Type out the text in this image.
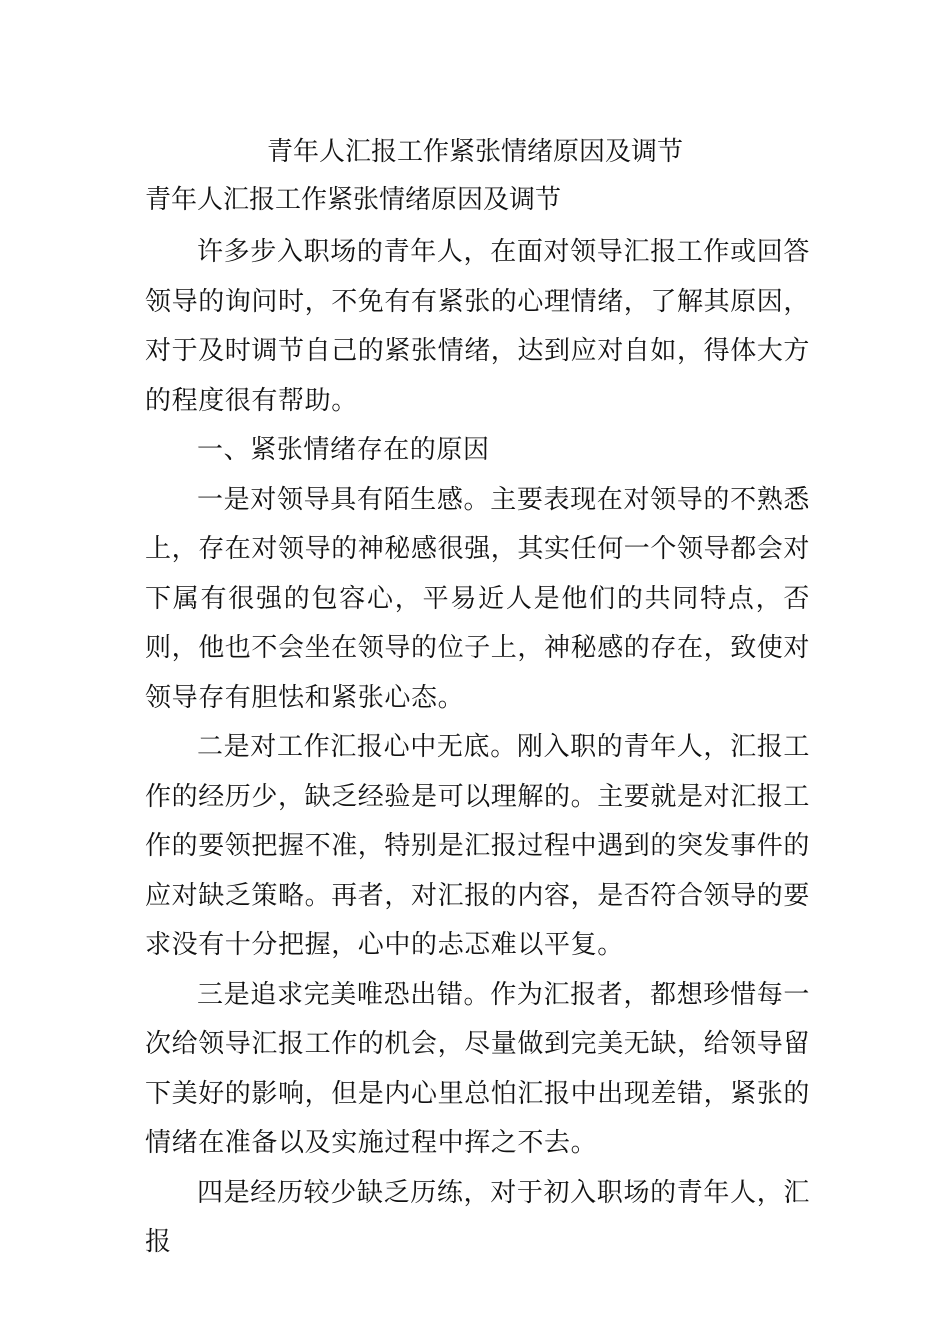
青年人汇报工作紧张情绪原因及调节
青年人汇报工作紧张情绪原因及调节

许多步入职场的青年人，在面对领导汇报工作或回答领导的询问时，不免有有紧张的心理情绪，了解其原因，对于及时调节自己的紧张情绪，达到应对自如，得体大方的程度很有帮助。

一、紧张情绪存在的原因

一是对领导具有陌生感。主要表现在对领导的不熟悉上，存在对领导的神秘感很强，其实任何一个领导都会对下属有很强的包容心，平易近人是他们的共同特点，否则，他也不会坐在领导的位子上，神秘感的存在，致使对领导存有胆怯和紧张心态。

二是对工作汇报心中无底。刚入职的青年人，汇报工作的经历少，缺乏经验是可以理解的。主要就是对汇报工作的要领把握不准，特别是汇报过程中遇到的突发事件的应对缺乏策略。再者，对汇报的内容，是否符合领导的要求没有十分把握，心中的忐忑难以平复。

三是追求完美唯恐出错。作为汇报者，都想珍惜每一次给领导汇报工作的机会，尽量做到完美无缺，给领导留下美好的影响，但是内心里总怕汇报中出现差错，紧张的情绪在准备以及实施过程中挥之不去。

四是经历较少缺乏历练，对于初入职场的青年人，汇报
